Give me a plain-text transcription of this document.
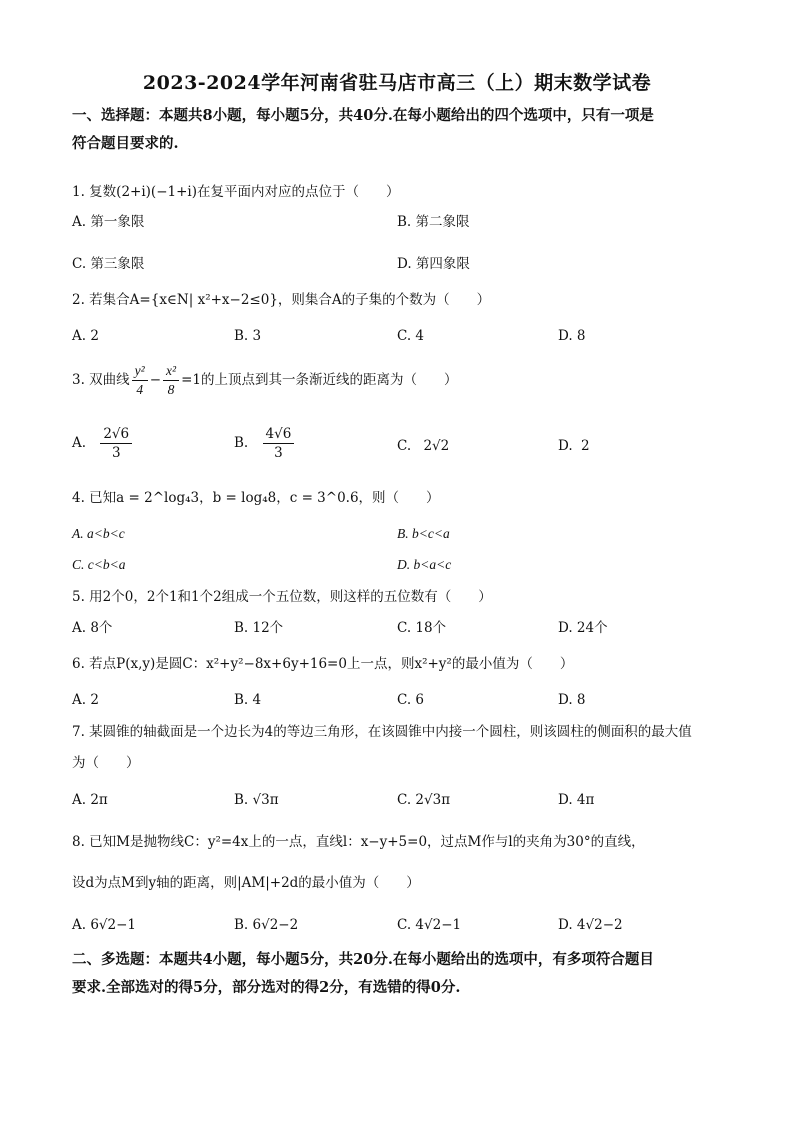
2023-2024学年河南省驻马店市高三（上）期末数学试卷
一、选择题：本题共8小题，每小题5分，共40分.在每小题给出的四个选项中，只有一项是
符合题目要求的.
1. 复数(2+i)(−1+i)在复平面内对应的点位于（　　）
A. 第一象限	B. 第二象限
C. 第三象限	D. 第四象限
2. 若集合A={x∈N| x²+x−2≤0}，则集合A的子集的个数为（　　）
A. 2	B. 3	C. 4	D. 8
3. 双曲线 $\frac{\text{y²}}{4} - \frac{\text{x²}}{8} =1$的上顶点到其一条渐近线的距离为（　　）
A. $\frac{2√6}{3}$	B. $\frac{4√6}{3}$	C. 2√2	D. 2
4. 已知a = 2^log₄3，b = log₄8，c = 3^0.6，则（　　）
A. a<b<c	B. b<c<a
C. c<b<a	D. b<a<c
5. 用2个0，2个1和1个2组成一个五位数，则这样的五位数有（　　）
A. 8个	B. 12个	C. 18个	D. 24个
6. 若点P(x,y)是圆C：x²+y²−8x+6y+16=0上一点，则x²+y²的最小值为（　　）
A. 2	B. 4	C. 6	D. 8
7. 某圆锥的轴截面是一个边长为4的等边三角形，在该圆锥中内接一个圆柱，则该圆柱的侧面积的最大值
为（　　）
A. 2π	B. √3π	C. 2√3π	D. 4π
8. 已知M是抛物线C：y²=4x上的一点，直线l：x−y+5=0，过点M作与l的夹角为30°的直线，
设d为点M到y轴的距离，则|AM|+2d的最小值为（　　）
A. 6√2−1	B. 6√2−2	C. 4√2−1	D. 4√2−2
二、多选题：本题共4小题，每小题5分，共20分.在每小题给出的选项中，有多项符合题目
要求.全部选对的得5分，部分选对的得2分，有选错的得0分.
